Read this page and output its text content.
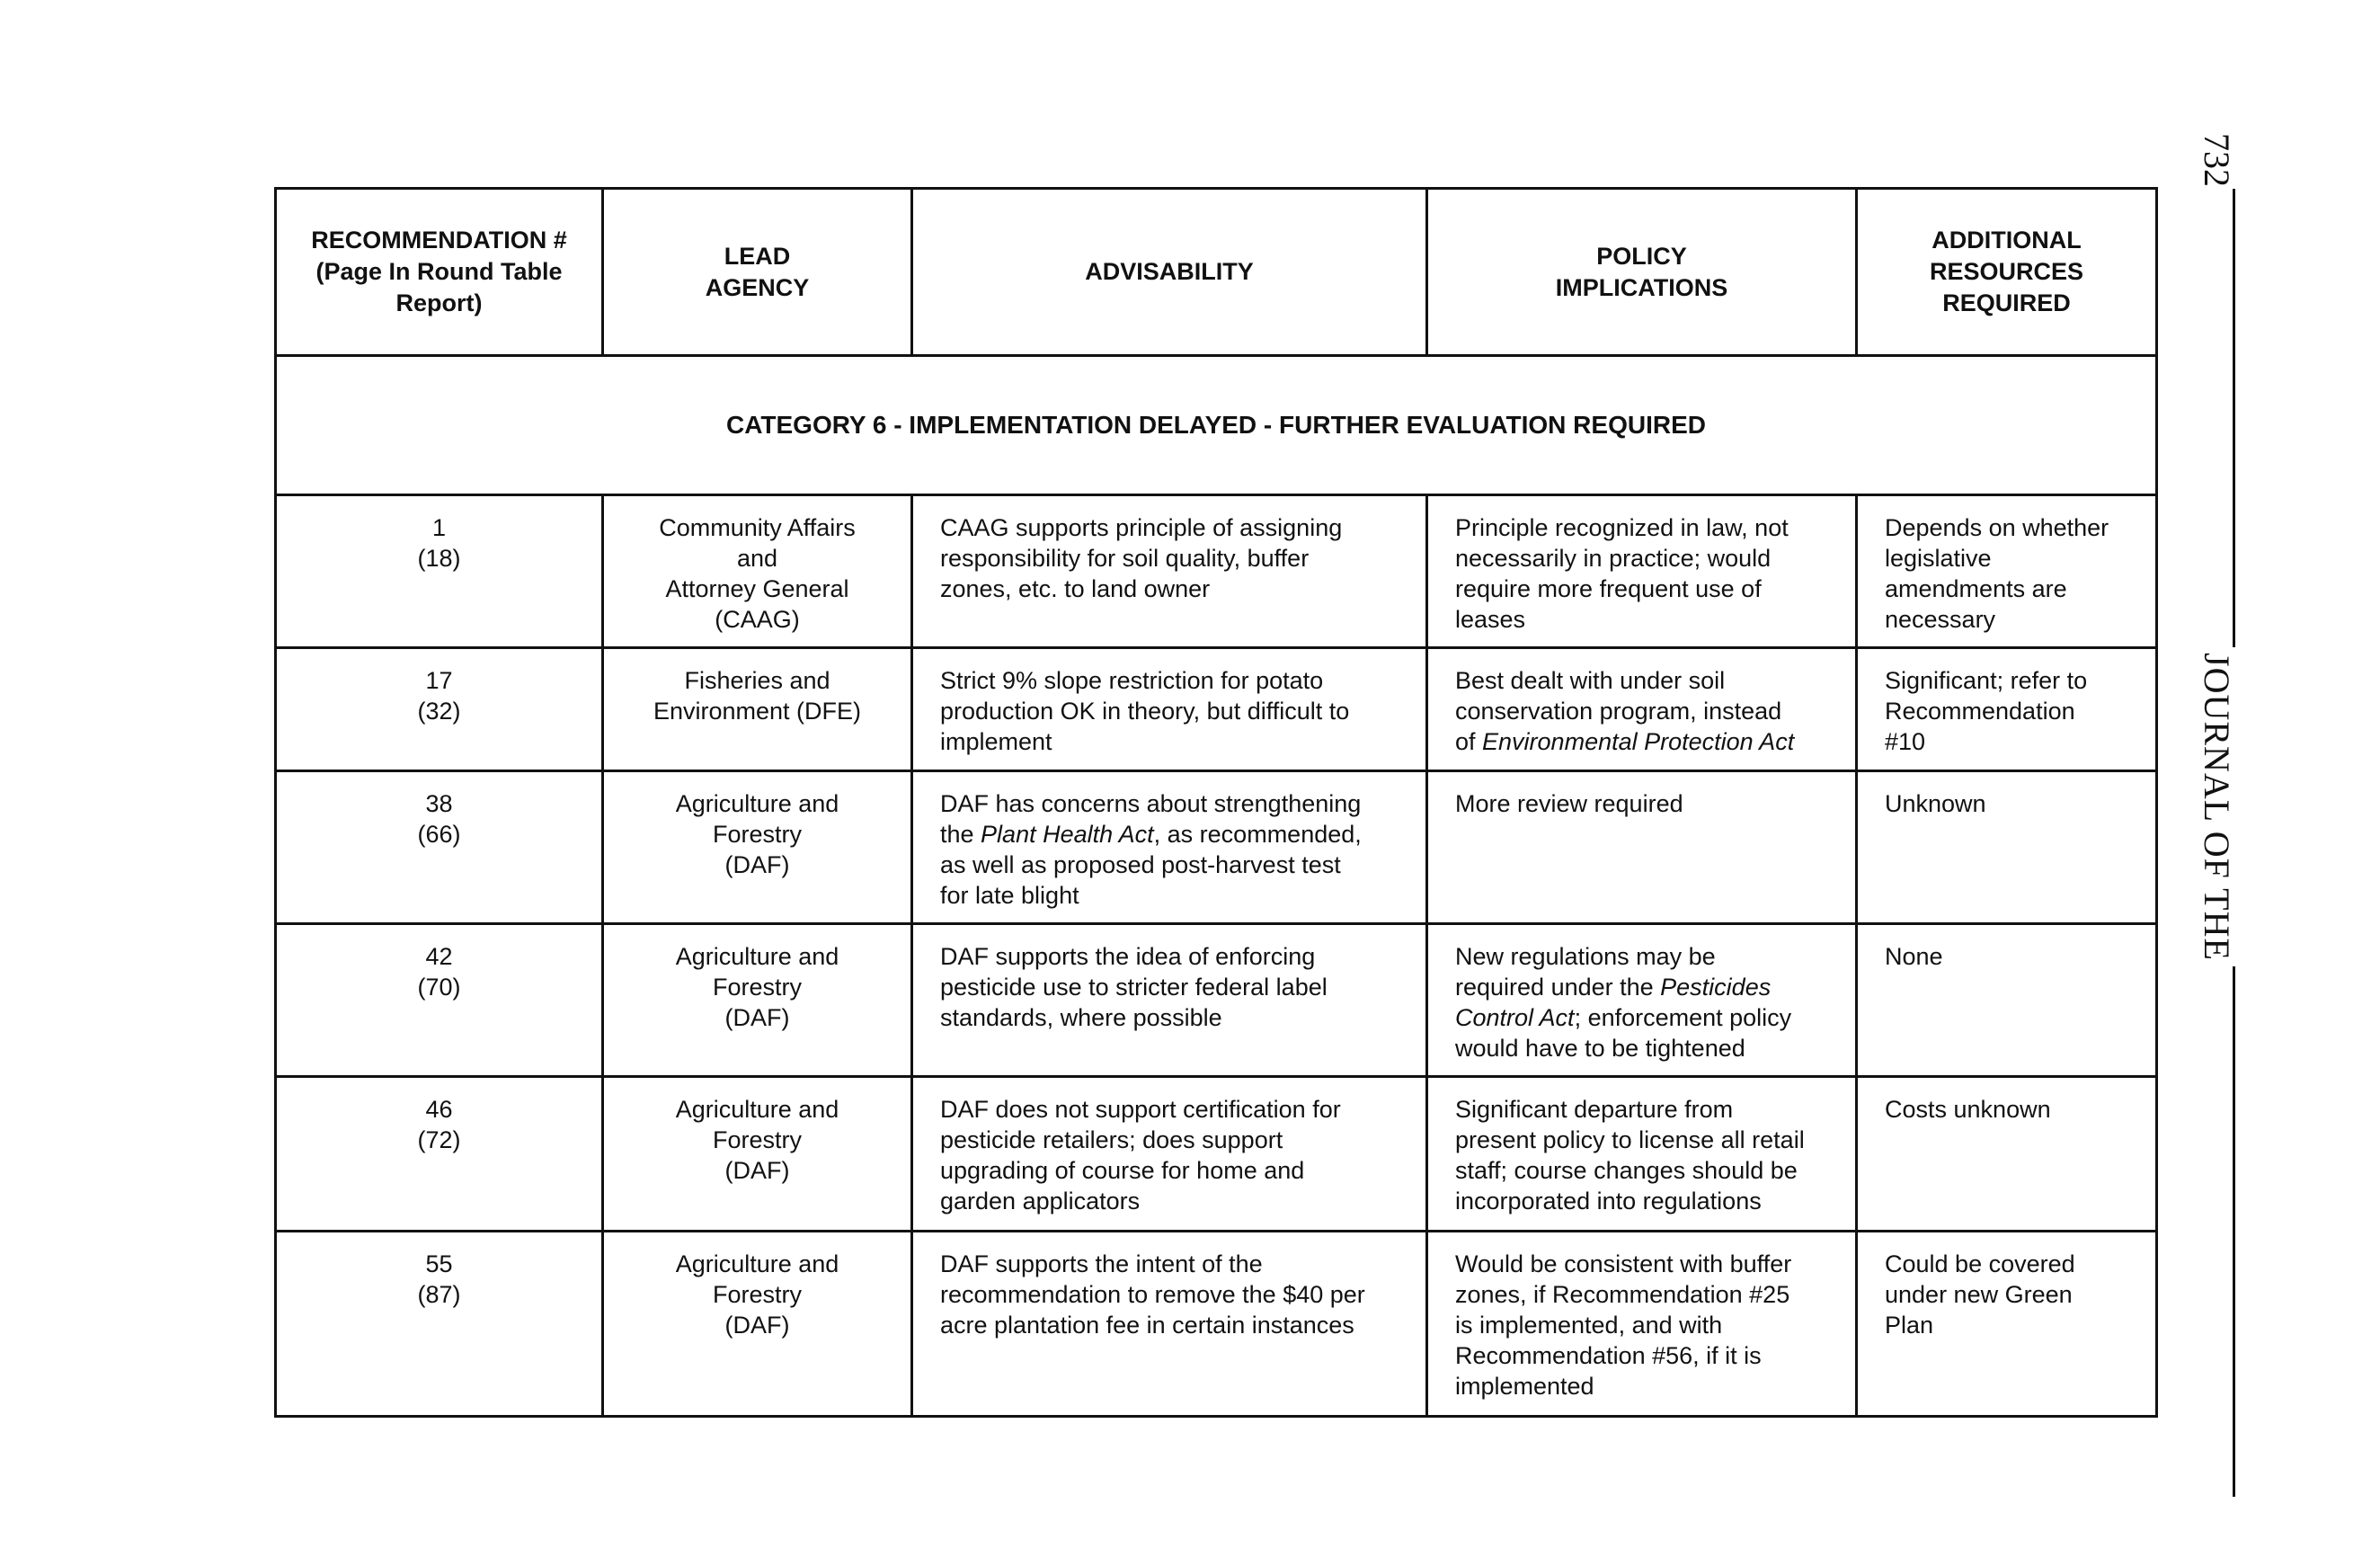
RECOMMENDATION #
(Page In Round Table
Report)	LEAD
AGENCY	ADVISABILITY	POLICY
IMPLICATIONS	ADDITIONAL
RESOURCES
REQUIRED

CATEGORY 6 - IMPLEMENTATION DELAYED - FURTHER EVALUATION REQUIRED				

1
(18)	Community Affairs
and
Attorney General
(CAAG)	CAAG supports principle of assigning
responsibility for soil quality, buffer
zones, etc. to land owner	Principle recognized in law, not
necessarily in practice; would
require more frequent use of
leases	Depends on whether
legislative
amendments are
necessary

17
(32)	Fisheries and
Environment (DFE)	Strict 9% slope restriction for potato
production OK in theory, but difficult to
implement	Best dealt with under soil
conservation program, instead
of Environmental Protection Act	Significant; refer to
Recommendation
#10

38
(66)	Agriculture and
Forestry
(DAF)	DAF has concerns about strengthening
the Plant Health Act, as recommended,
as well as proposed post-harvest test
for late blight	More review required	Unknown

42
(70)	Agriculture and
Forestry
(DAF)	DAF supports the idea of enforcing
pesticide use to stricter federal label
standards, where possible	New regulations may be
required under the Pesticides
Control Act; enforcement policy
would have to be tightened	None

46
(72)	Agriculture and
Forestry
(DAF)	DAF does not support certification for
pesticide retailers; does support
upgrading of course for home and
garden applicators	Significant departure from
present policy to license all retail
staff; course changes should be
incorporated into regulations	Costs unknown

55
(87)	Agriculture and
Forestry
(DAF)	DAF supports the intent of the
recommendation to remove the $40 per
acre plantation fee in certain instances	Would be consistent with buffer
zones, if Recommendation #25
is implemented, and with
Recommendation #56, if it is
implemented	Could be covered
under new Green
Plan
732
JOURNAL OF THE
